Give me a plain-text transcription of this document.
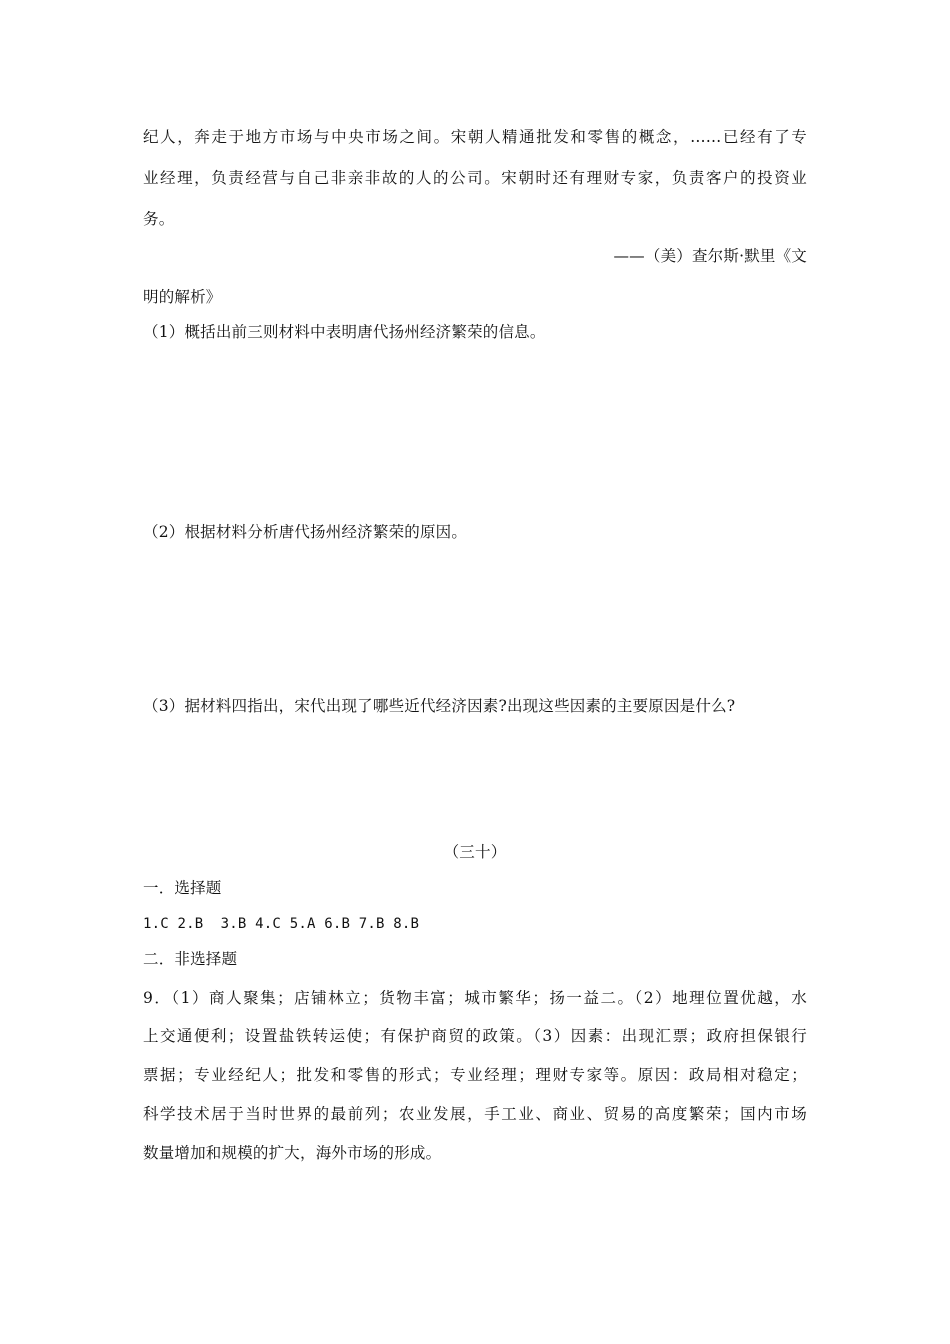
纪人，奔走于地方市场与中央市场之间。宋朝人精通批发和零售的概念，……已经有了专
业经理，负责经营与自己非亲非故的人的公司。宋朝时还有理财专家，负责客户的投资业
务。
——（美）查尔斯·默里《文
明的解析》
（1）概括出前三则材料中表明唐代扬州经济繁荣的信息。
（2）根据材料分析唐代扬州经济繁荣的原因。
（3）据材料四指出，宋代出现了哪些近代经济因素?出现这些因素的主要原因是什么?
（三十）
一．选择题
1.C 2.B  3.B 4.C 5.A 6.B 7.B 8.B
二．非选择题
9．（1）商人聚集；店铺林立；货物丰富；城市繁华；扬一益二。（2）地理位置优越，水
上交通便利；设置盐铁转运使；有保护商贸的政策。（3）因素：出现汇票；政府担保银行
票据；专业经纪人；批发和零售的形式；专业经理；理财专家等。原因：政局相对稳定；
科学技术居于当时世界的最前列；农业发展，手工业、商业、贸易的高度繁荣；国内市场
数量增加和规模的扩大，海外市场的形成。
